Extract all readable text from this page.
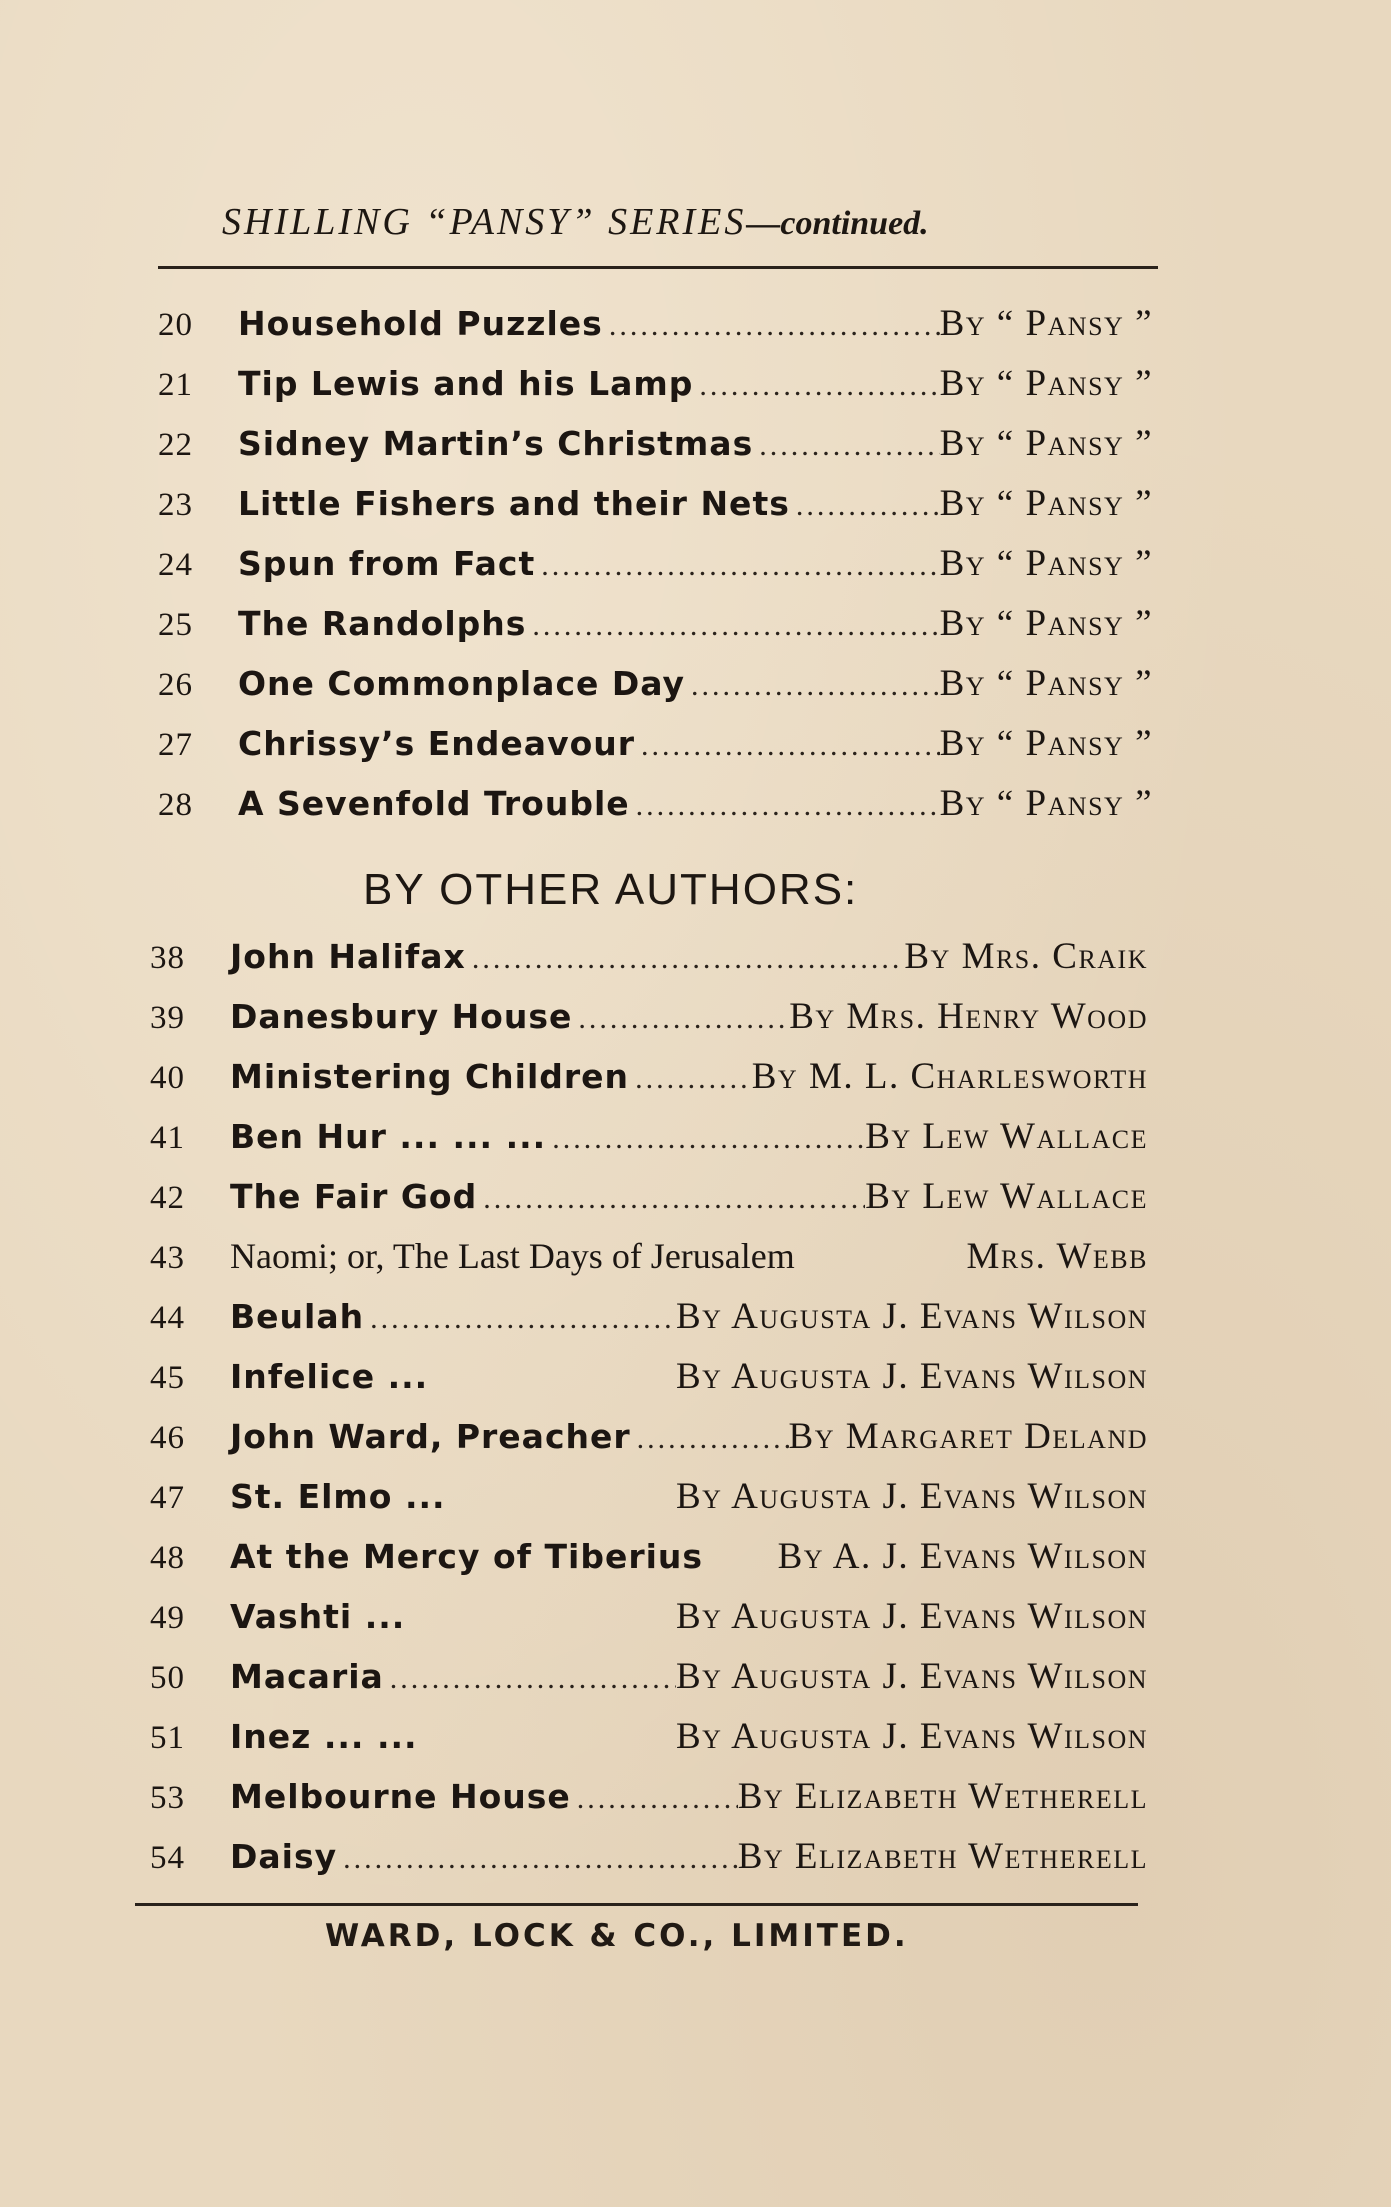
SHILLING “PANSY” SERIES—continued.
20	Household Puzzles .....	By “ Pansy ”
21	Tip Lewis and his Lamp .....	By “ Pansy ”
22	Sidney Martin’s Christmas .....	By “ Pansy ”
23	Little Fishers and their Nets .....	By “ Pansy ”
24	Spun from Fact .....	By “ Pansy ”
25	The Randolphs .....	By “ Pansy ”
26	One Commonplace Day .....	By “ Pansy ”
27	Chrissy’s Endeavour .....	By “ Pansy ”
28	A Sevenfold Trouble .....	By “ Pansy ”
BY OTHER AUTHORS:
38	John Halifax .....	By Mrs. Craik
39	Danesbury House .....	By Mrs. Henry Wood
40	Ministering Children .....	By M. L. Charlesworth
41	Ben Hur ... ... ... .....	By Lew Wallace
42	The Fair God .....	By Lew Wallace
43	Naomi; or, The Last Days of Jerusalem	Mrs. Webb
44	Beulah .....	By Augusta J. Evans Wilson
45	Infelice ...	By Augusta J. Evans Wilson
46	John Ward, Preacher .....	By Margaret Deland
47	St. Elmo ...	By Augusta J. Evans Wilson
48	At the Mercy of Tiberius By A. J. Evans Wilson
49	Vashti ...	By Augusta J. Evans Wilson
50	Macaria .....	By Augusta J. Evans Wilson
51	Inez ... ...	By Augusta J. Evans Wilson
53	Melbourne House .....	By Elizabeth Wetherell
54	Daisy .....	By Elizabeth Wetherell
WARD, LOCK & CO., LIMITED.
